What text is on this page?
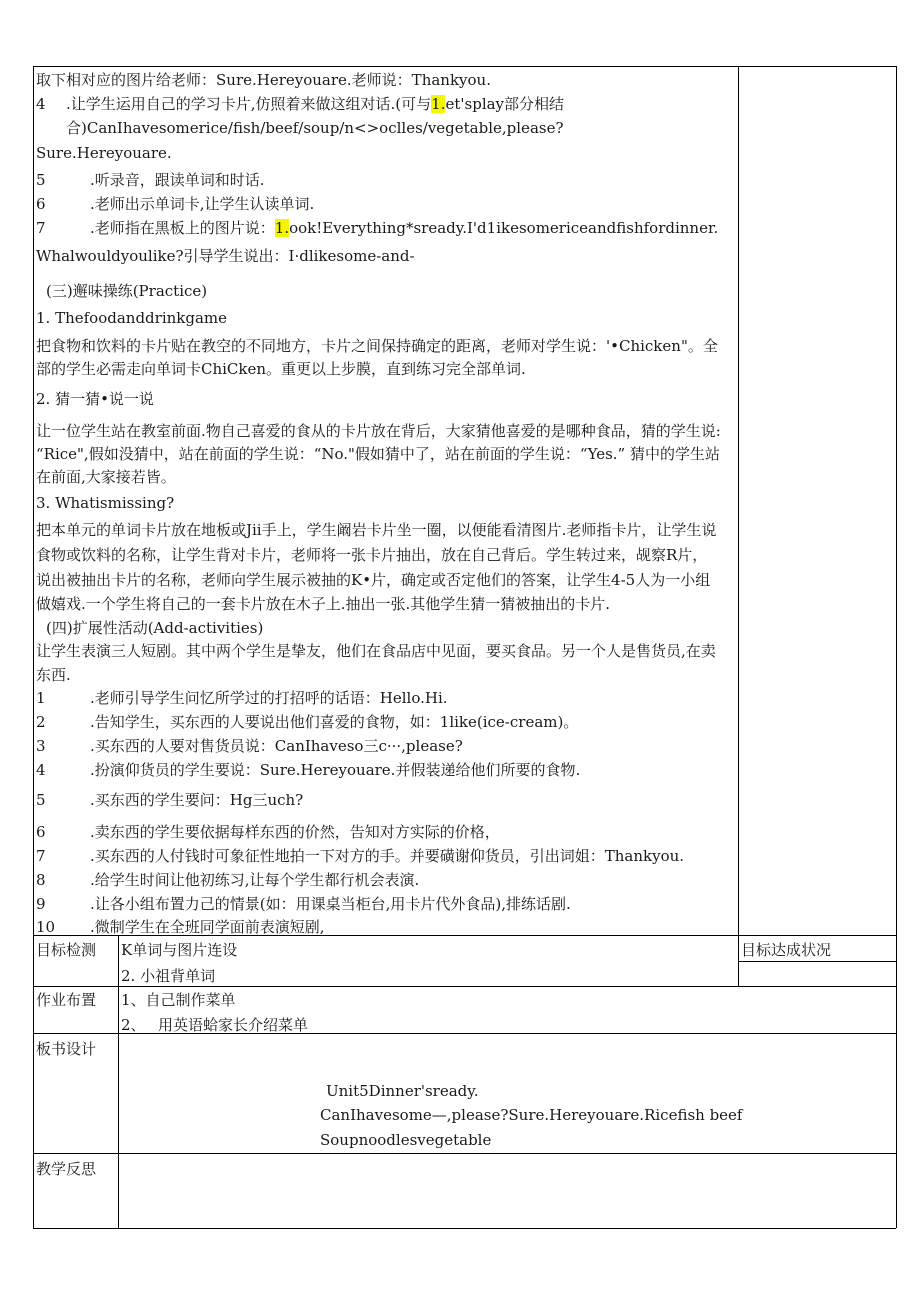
取下相对应的图片给老师：Sure.Hereyouare.老师说：Thankyou.
4 .让学生运用自己的学习卡片,仿照着来做这组对话.(可与1.et'splay部分相结
合)CanIhavesomerice/fish/beef/soup/n<>oclles/vegetable,please?
Sure.Hereyouare.
5	.听录音，跟读单词和时话.
6	.老师出示单词卡,让学生认读单词.
7	.老师指在黑板上的图片说：1.ook!Everything*sready.I'd1ikesomericeandfishfordinner.
Whalwouldyoulike?引导学生说出：I·dlikesome-and-
(三)邂味操练(Practice)
1. Thefoodanddrinkgame
把食物和饮料的卡片贴在教空的不同地方，卡片之间保持确定的距离，老师对学生说：'•Chicken"。全
部的学生必需走向单词卡ChiCken。重更以上步膜，直到练习完全部单词.
2. 猜一猜•说一说
让一位学生站在教室前面.物自己喜爱的食从的卡片放在背后，大家猜他喜爱的是哪种食品，猜的学生说:
“Rice",假如没猜中，站在前面的学生说：“No."假如猜中了，站在前面的学生说：“Yes.” 猜中的学生站
在前面,大家接若皆。
3. Whatismissing?
把本单元的单词卡片放在地板或Jii手上，学生阚岩卡片坐一圈，以便能看清图片.老师指卡片，让学生说
食物或饮料的名称，让学生背对卡片，老师将一张卡片抽出，放在自己背后。学生转过来，觇察R片，
说出被抽出卡片的名称，老师向学生展示被抽的K•片，确定或否定他们的答案，让学生4-5人为一小组
做嬉戏.一个学生将自己的一套卡片放在木子上.抽出一张.其他学生猜一猜被抽出的卡片.
(四)扩展性活动(Add-activities)
让学生表演三人短剧。其中两个学生是挚友，他们在食品店中见面，要买食品。另一个人是售货员,在卖
东西.
1	.老师引导学生问忆所学过的打招呼的话语：Hello.Hi.
2	.告知学生，买东西的人要说出他们喜爱的食物，如：1like(ice-cream)。
3	.买东西的人要对售货员说：CanIhaveso三c···,please?
4	.扮演仰货员的学生要说：Sure.Hereyouare.并假装递给他们所要的食物.
5	.买东西的学生要问：Hg三uch?
6	.卖东西的学生要依据每样东西的价然，告知对方实际的价格，
7	.买东西的人付钱时可象征性地拍一下对方的手。并要磺谢仰货员，引出词姐：Thankyou.
8	.给学生时间让他初练习,让每个学生都行机会表演.
9	.让各小组布置力己的情景(如：用课桌当柜台,用卡片代外食品),排练话剧.
10 .微制学生在全班同学面前表演短剧,
目标检测 K单词与图片连设
2. 小祖背单词
目标达成状况
作业布置 1、自己制作菜单
2、 用英语蛤家长介绍菜单
板书设计
Unit5Dinner'sready.
CanIhavesome—,please?Sure.Hereyouare.Ricefish beef
Soupnoodlesvegetable
教学反思
